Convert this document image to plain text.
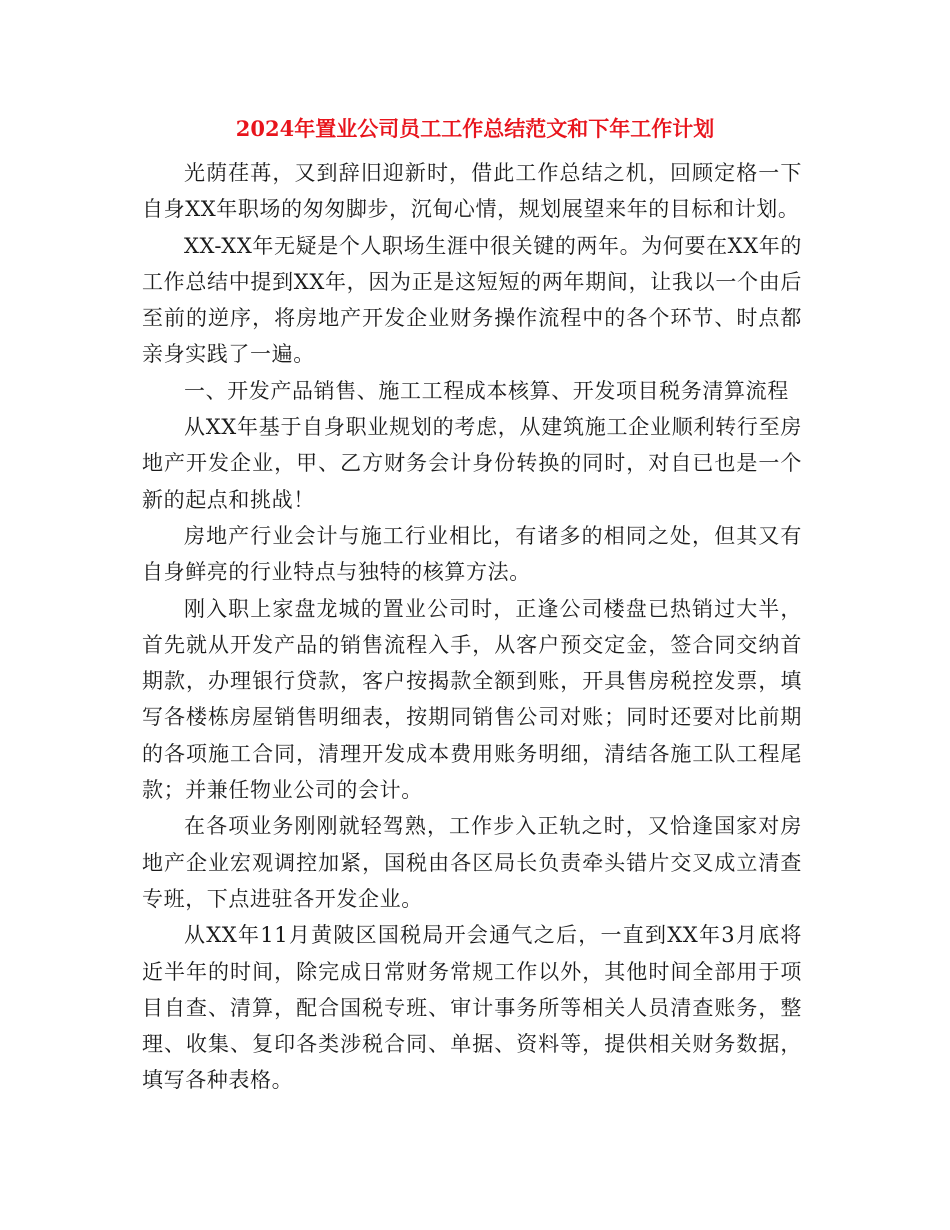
2024年置业公司员工工作总结范文和下年工作计划

光荫荏苒，又到辞旧迎新时，借此工作总结之机，回顾定格一下自身XX年职场的匆匆脚步，沉甸心情，规划展望来年的目标和计划。

XX-XX年无疑是个人职场生涯中很关键的两年。为何要在XX年的工作总结中提到XX年，因为正是这短短的两年期间，让我以一个由后至前的逆序，将房地产开发企业财务操作流程中的各个环节、时点都亲身实践了一遍。

一、开发产品销售、施工工程成本核算、开发项目税务清算流程

从XX年基于自身职业规划的考虑，从建筑施工企业顺利转行至房地产开发企业，甲、乙方财务会计身份转换的同时，对自已也是一个新的起点和挑战！

房地产行业会计与施工行业相比，有诸多的相同之处，但其又有自身鲜亮的行业特点与独特的核算方法。

刚入职上家盘龙城的置业公司时，正逢公司楼盘已热销过大半，首先就从开发产品的销售流程入手，从客户预交定金，签合同交纳首期款，办理银行贷款，客户按揭款全额到账，开具售房税控发票，填写各楼栋房屋销售明细表，按期同销售公司对账；同时还要对比前期的各项施工合同，清理开发成本费用账务明细，清结各施工队工程尾款；并兼任物业公司的会计。

在各项业务刚刚就轻驾熟，工作步入正轨之时，又恰逢国家对房地产企业宏观调控加紧，国税由各区局长负责牵头错片交叉成立清查专班，下点进驻各开发企业。

从XX年11月黄陂区国税局开会通气之后，一直到XX年3月底将近半年的时间，除完成日常财务常规工作以外，其他时间全部用于项目自查、清算，配合国税专班、审计事务所等相关人员清查账务，整理、收集、复印各类涉税合同、单据、资料等，提供相关财务数据，填写各种表格。
